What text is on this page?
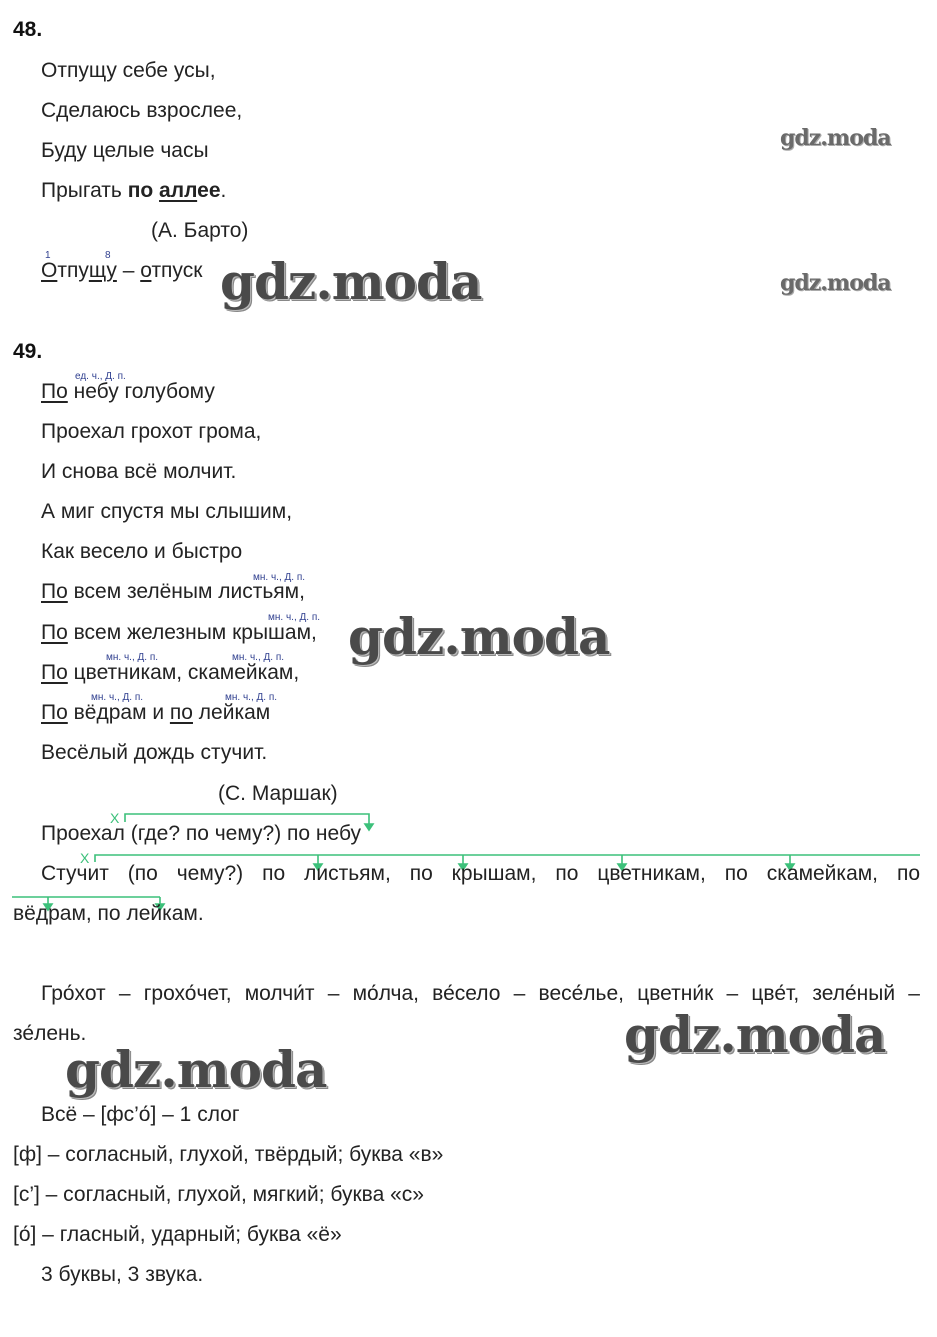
48.
Отпущу себе усы,
Сделаюсь взрослее,
Буду целые часы
Прыгать по аллее.
(А. Барто)
1	8
Отпущу – отпуск
49.
ед. ч., Д. п.
По небу голубому
Проехал грохот грома,
И снова всё молчит.
А миг спустя мы слышим,
Как весело и быстро
мн. ч., Д. п.
По всем зелёным листьям,
мн. ч., Д. п.
По всем железным крышам,
мн. ч., Д. п.	мн. ч., Д. п.
По цветникам, скамейкам,
мн. ч., Д. п.	мн. ч., Д. п.
По вёдрам и по лейкам
Весёлый дождь стучит.
(С. Маршак)
X
X
Проехал (где? по чему?) по небу
Стучит (по чему?) по листьям, по крышам, по цветникам, по скамейкам, по
вёдрам, по лейкам.
Гро́хот – грохо́чет, молчи́т – мо́лча, ве́село – весе́лье, цветни́к – цве́т, зеле́ный –
зе́лень.
Всё – [фс’о́] – 1 слог
[ф] – согласный, глухой, твёрдый; буква «в»
[с’] – согласный, глухой, мягкий; буква «с»
[о́] – гласный, ударный; буква «ё»
3 буквы, 3 звука.
gdz.moda
gdz.moda
gdz.moda
gdz.moda
gdz.moda
gdz.moda
